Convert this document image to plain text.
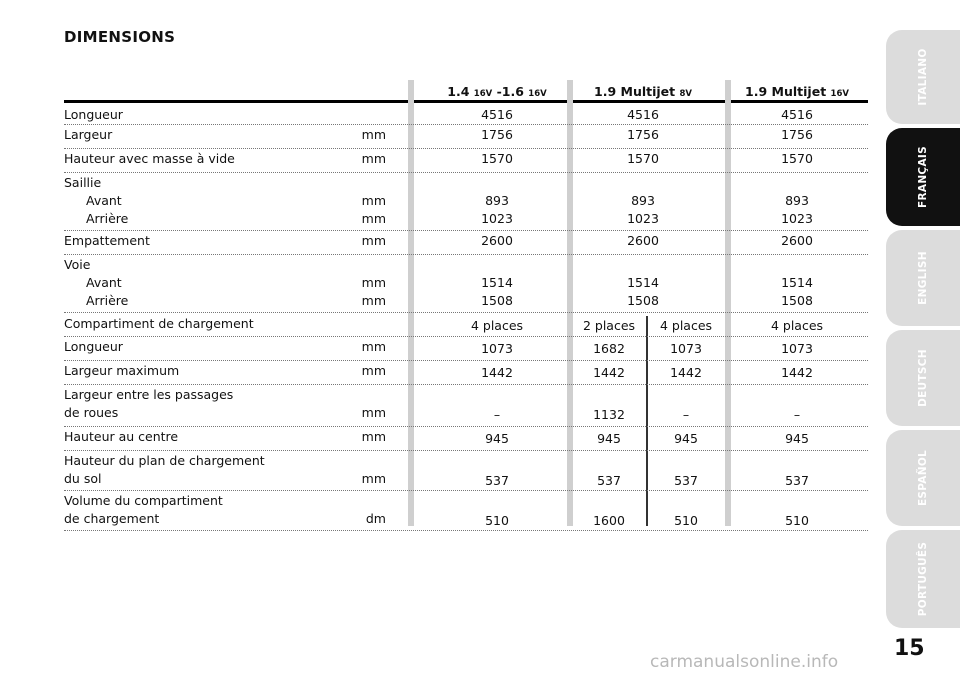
DIMENSIONS
1.4 16V -1.6 16V	1.9 Multijet 8V	1.9 Multijet 16V
Longueur	4516	4516	4516
Largeur	mm	1756	1756	1756
Hauteur avec masse à vide	mm	1570	1570	1570
Saillie
Avant	mm	893	893	893
Arrière	mm	1023	1023	1023
Empattement	mm	2600	2600	2600
Voie
Avant	mm	1514	1514	1514
Arrière	mm	1508	1508	1508
Compartiment de chargement	4 places	2 places 4 places	4 places
Longueur	mm	1073	1682	1073	1073
Largeur maximum	mm	1442	1442	1442	1442
Largeur entre les passages
de roues	mm	–	1132	–	–
Hauteur au centre	mm	945	945	945	945
Hauteur du plan de chargement
du sol	mm	537	537	537	537
Volume du compartiment
de chargement	dm	510	1600	510	510
ITALIANO
FRANÇAIS
ENGLISH
DEUTSCH
ESPAÑOL
PORTUGUÊS
15
carmanualsonline.info
